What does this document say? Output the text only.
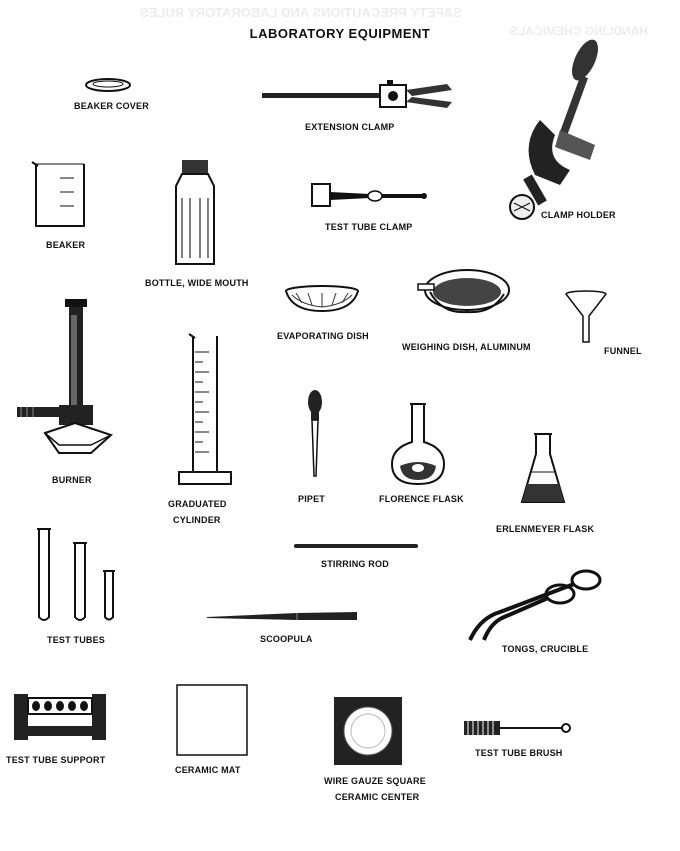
SAFETY PRECAUTIONS AND LABORATORY RULES
HANDLING CHEMICALS
LABORATORY EQUIPMENT
BEAKER COVER
EXTENSION CLAMP
CLAMP HOLDER
BEAKER
BOTTLE, WIDE MOUTH
TEST TUBE CLAMP
EVAPORATING DISH
WEIGHING DISH, ALUMINUM	FUNNEL
BURNER
GRADUATED
CYLINDER
PIPET	FLORENCE FLASK
ERLENMEYER FLASK
STIRRING ROD
TEST TUBES	SCOOPULA
TONGS, CRUCIBLE
TEST TUBE SUPPORT
CERAMIC MAT
WIRE GAUZE SQUARE
CERAMIC CENTER
TEST TUBE BRUSH
